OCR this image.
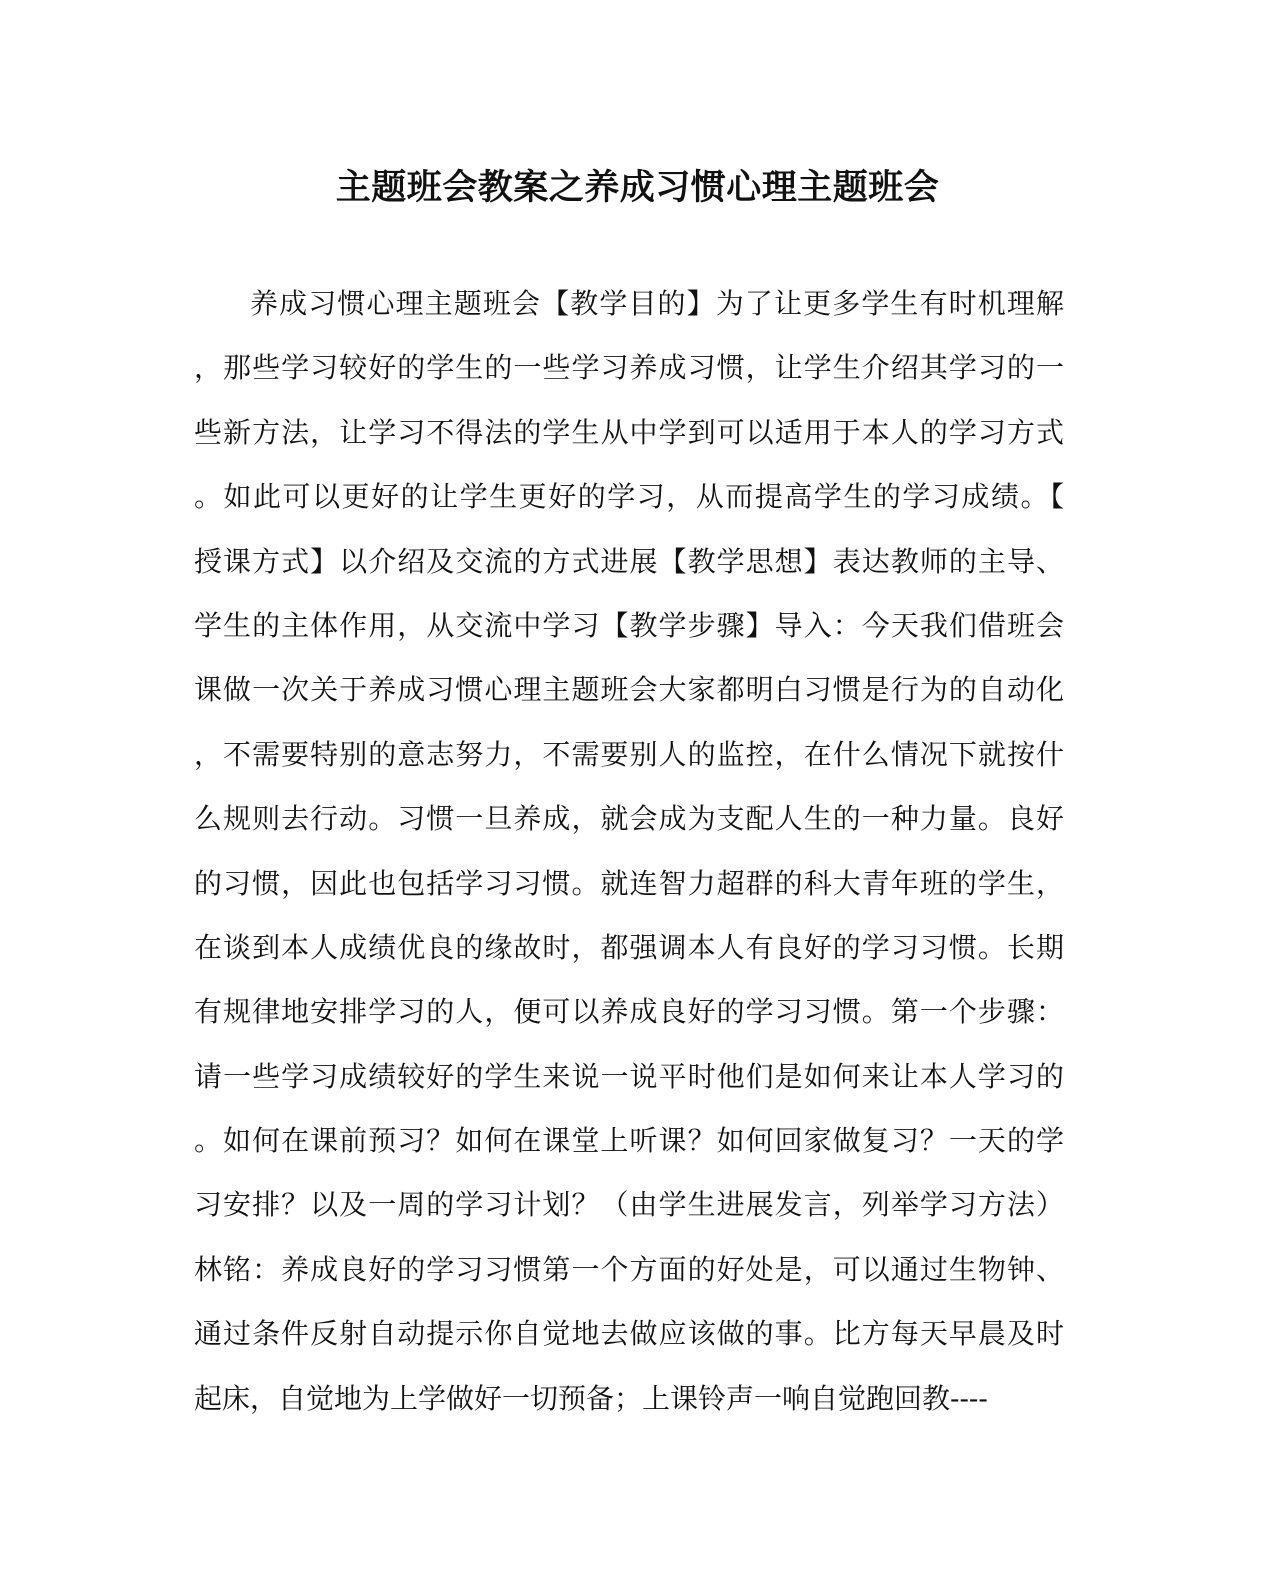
主题班会教案之养成习惯心理主题班会
养成习惯心理主题班会【教学目的】为了让更多学生有时机理解
，那些学习较好的学生的一些学习养成习惯，让学生介绍其学习的一
些新方法，让学习不得法的学生从中学到可以适用于本人的学习方式
。如此可以更好的让学生更好的学习，从而提高学生的学习成绩。【
授课方式】以介绍及交流的方式进展【教学思想】表达教师的主导、
学生的主体作用，从交流中学习【教学步骤】导入：今天我们借班会
课做一次关于养成习惯心理主题班会大家都明白习惯是行为的自动化
，不需要特别的意志努力，不需要别人的监控，在什么情况下就按什
么规则去行动。习惯一旦养成，就会成为支配人生的一种力量。良好
的习惯，因此也包括学习习惯。就连智力超群的科大青年班的学生，
在谈到本人成绩优良的缘故时，都强调本人有良好的学习习惯。长期
有规律地安排学习的人，便可以养成良好的学习习惯。第一个步骤：
请一些学习成绩较好的学生来说一说平时他们是如何来让本人学习的
。如何在课前预习？如何在课堂上听课？如何回家做复习？一天的学
习安排？以及一周的学习计划？（由学生进展发言，列举学习方法）
林铭：养成良好的学习习惯第一个方面的好处是，可以通过生物钟、
通过条件反射自动提示你自觉地去做应该做的事。比方每天早晨及时
起床，自觉地为上学做好一切预备；上课铃声一响自觉跑回教----
